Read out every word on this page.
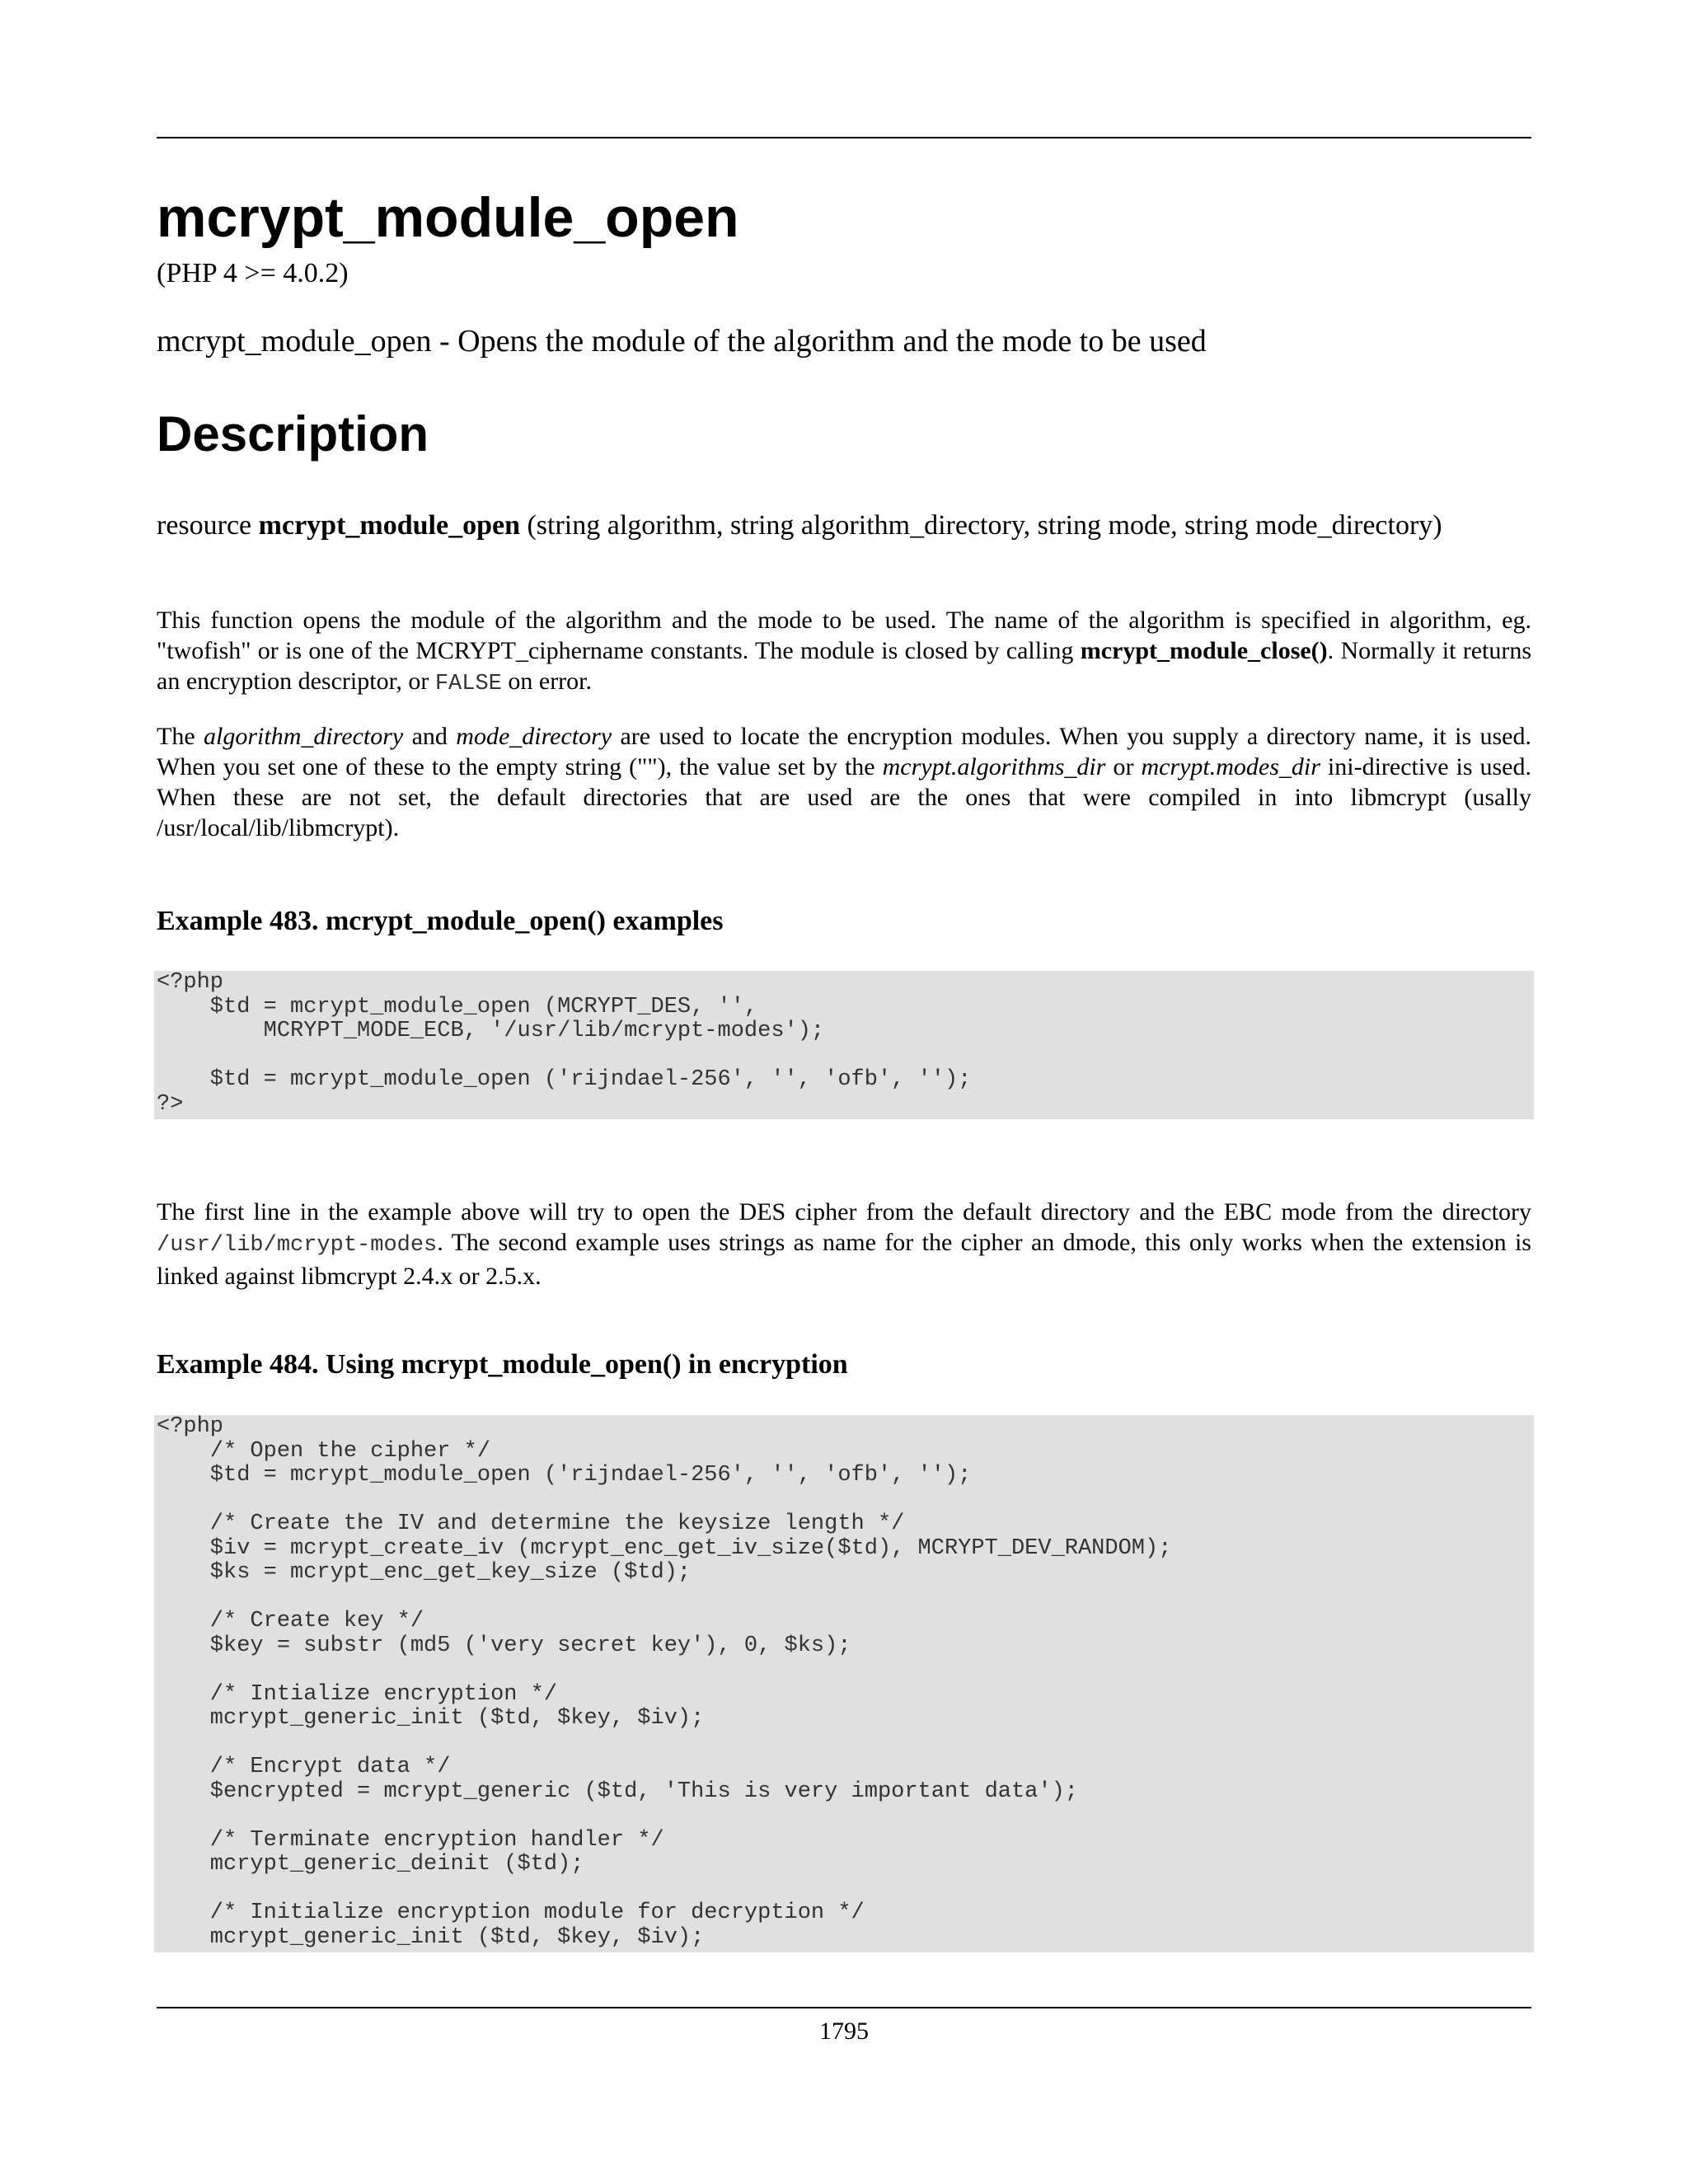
mcrypt_module_open
(PHP 4 >= 4.0.2)
mcrypt_module_open - Opens the module of the algorithm and the mode to be used
Description

resource mcrypt_module_open (string algorithm, string algorithm_directory, string mode, string mode_directory)

This function opens the module of the algorithm and the mode to be used. The name of the algorithm is specified in algorithm, eg. "twofish" or is one of the MCRYPT_ciphername constants. The module is closed by calling mcrypt_module_close(). Normally it returns an encryption descriptor, or FALSE on error.

The algorithm_directory and mode_directory are used to locate the encryption modules. When you supply a directory name, it is used. When you set one of these to the empty string (""), the value set by the mcrypt.algorithms_dir or mcrypt.modes_dir ini-directive is used. When these are not set, the default directories that are used are the ones that were compiled in into libmcrypt (usally /usr/local/lib/libmcrypt).

Example 483. mcrypt_module_open() examples
<?php
$td = mcrypt_module_open (MCRYPT_DES, '',
MCRYPT_MODE_ECB, '/usr/lib/mcrypt-modes');

$td = mcrypt_module_open ('rijndael-256', '', 'ofb', '');
?>

The first line in the example above will try to open the DES cipher from the default directory and the EBC mode from the directory /usr/lib/mcrypt-modes. The second example uses strings as name for the cipher an dmode, this only works when the extension is linked against libmcrypt 2.4.x or 2.5.x.

Example 484. Using mcrypt_module_open() in encryption
<?php
/* Open the cipher */
$td = mcrypt_module_open ('rijndael-256', '', 'ofb', '');

/* Create the IV and determine the keysize length */
$iv = mcrypt_create_iv (mcrypt_enc_get_iv_size($td), MCRYPT_DEV_RANDOM);
$ks = mcrypt_enc_get_key_size ($td);

/* Create key */
$key = substr (md5 ('very secret key'), 0, $ks);

/* Intialize encryption */
mcrypt_generic_init ($td, $key, $iv);

/* Encrypt data */
$encrypted = mcrypt_generic ($td, 'This is very important data');

/* Terminate encryption handler */
mcrypt_generic_deinit ($td);

/* Initialize encryption module for decryption */
mcrypt_generic_init ($td, $key, $iv);
1795
